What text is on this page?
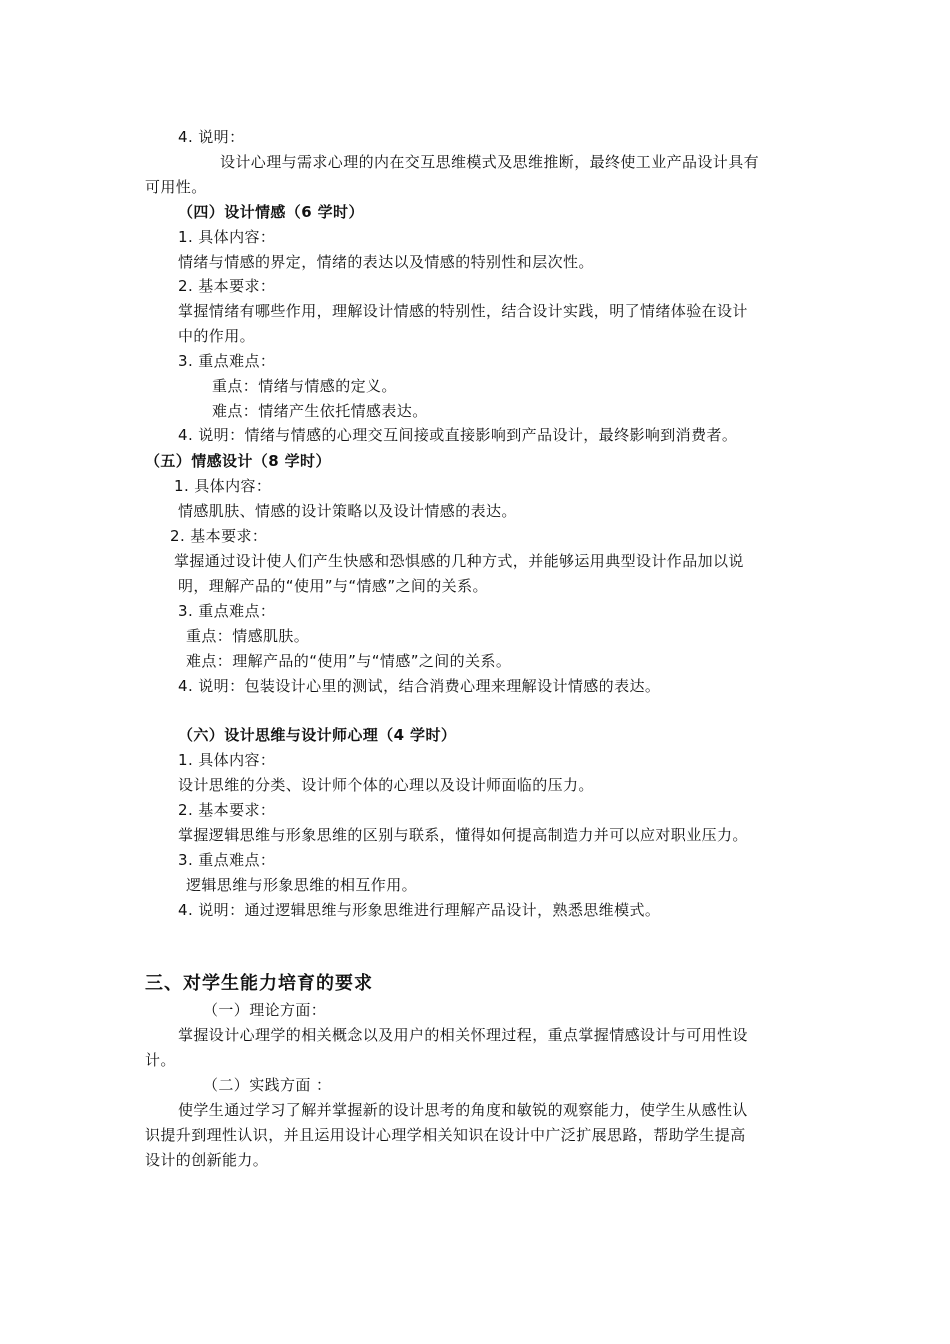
4. 说明：
设计心理与需求心理的内在交互思维模式及思维推断，最终使工业产品设计具有
可用性。
（四）设计情感（6 学时）
1. 具体内容：
情绪与情感的界定，情绪的表达以及情感的特别性和层次性。
2. 基本要求：
掌握情绪有哪些作用，理解设计情感的特别性，结合设计实践，明了情绪体验在设计
中的作用。
3. 重点难点：
重点：情绪与情感的定义。
难点：情绪产生依托情感表达。
4. 说明：情绪与情感的心理交互间接或直接影响到产品设计，最终影响到消费者。
（五）情感设计（8 学时）
1. 具体内容：
情感肌肤、情感的设计策略以及设计情感的表达。
2. 基本要求：
掌握通过设计使人们产生快感和恐惧感的几种方式，并能够运用典型设计作品加以说
明，理解产品的“使用”与“情感”之间的关系。
3. 重点难点：
重点：情感肌肤。
难点：理解产品的“使用”与“情感”之间的关系。
4. 说明：包装设计心里的测试，结合消费心理来理解设计情感的表达。
（六）设计思维与设计师心理（4 学时）
1. 具体内容：
设计思维的分类、设计师个体的心理以及设计师面临的压力。
2. 基本要求：
掌握逻辑思维与形象思维的区别与联系，懂得如何提高制造力并可以应对职业压力。
3. 重点难点：
逻辑思维与形象思维的相互作用。
4. 说明：通过逻辑思维与形象思维进行理解产品设计，熟悉思维模式。
三、对学生能力培育的要求
（一）理论方面：
掌握设计心理学的相关概念以及用户的相关怀理过程，重点掌握情感设计与可用性设
计。
（二）实践方面 ：
使学生通过学习了解并掌握新的设计思考的角度和敏锐的观察能力，使学生从感性认
识提升到理性认识，并且运用设计心理学相关知识在设计中广泛扩展思路，帮助学生提高
设计的创新能力。
